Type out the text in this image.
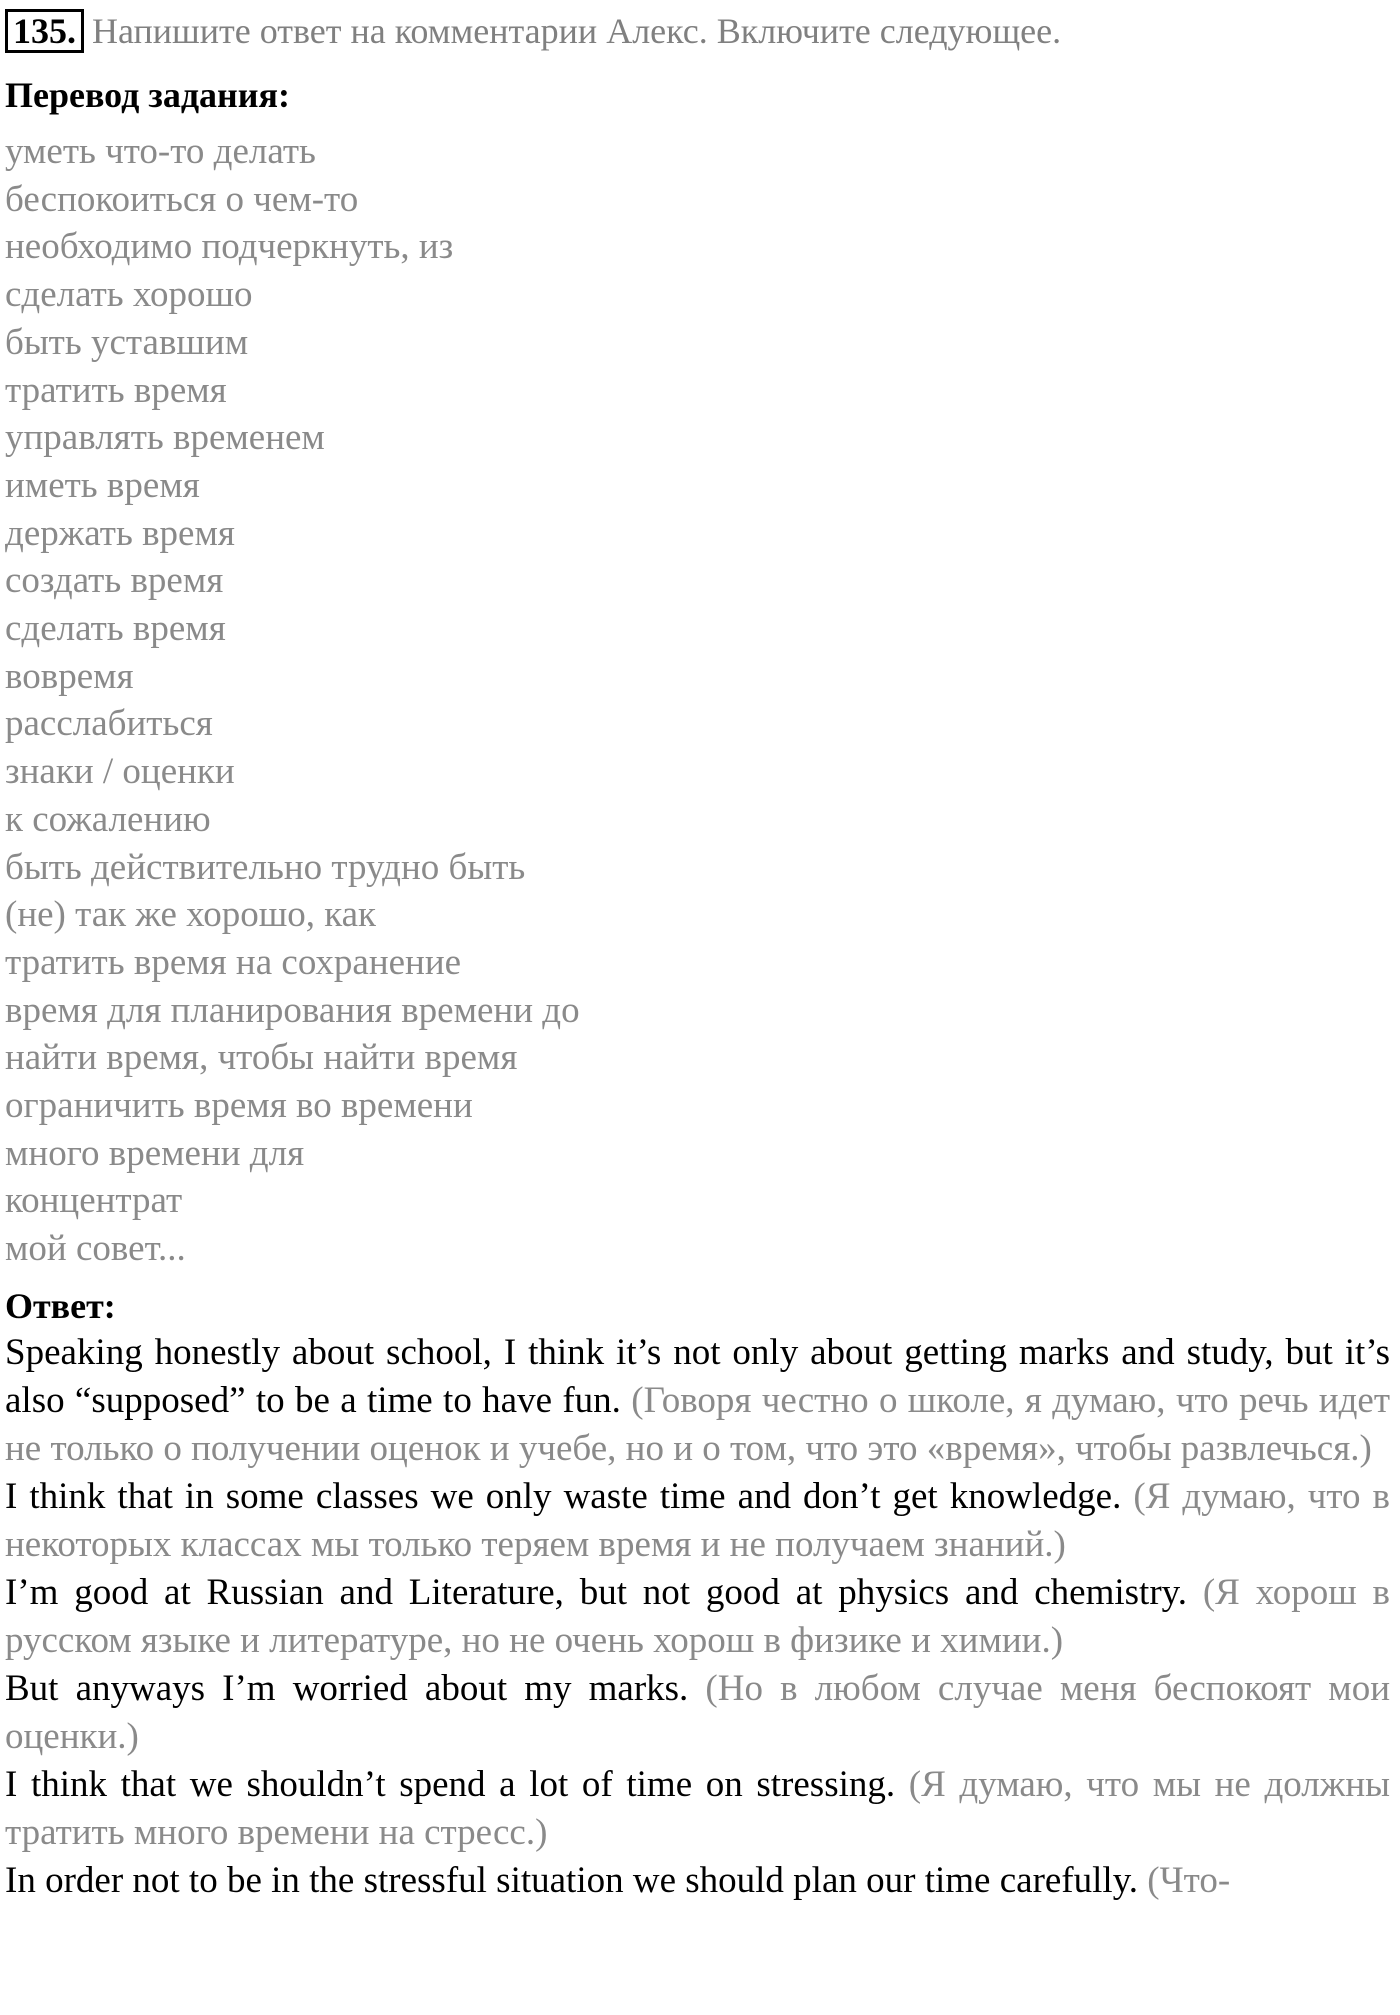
135. Напишите ответ на комментарии Алекс. Включите следующее.
Перевод задания:
уметь что-то делать
беспокоиться о чем-то
необходимо подчеркнуть, из
сделать хорошо
быть уставшим
тратить время
управлять временем
иметь время
держать время
создать время
сделать время
вовремя
расслабиться
знаки / оценки
к сожалению
быть действительно трудно быть
(не) так же хорошо, как
тратить время на сохранение
время для планирования времени до
найти время, чтобы найти время
ограничить время во времени
много времени для
концентрат
мой совет...
Ответ:

Speaking honestly about school, I think it’s not only about getting marks and study, but it’s also “supposed” to be a time to have fun. (Говоря честно о школе, я думаю, что речь идет не только о получении оценок и учебе, но и о том, что это «время», чтобы развлечься.)

I think that in some classes we only waste time and don’t get knowledge. (Я думаю, что в некоторых классах мы только теряем время и не получаем знаний.)

I’m good at Russian and Literature, but not good at physics and chemistry. (Я хорош в русском языке и литературе, но не очень хорош в физике и химии.)

But anyways I’m worried about my marks. (Но в любом случае меня беспокоят мои оценки.)

I think that we shouldn’t spend a lot of time on stressing. (Я думаю, что мы не должны тратить много времени на стресс.)

In order not to be in the stressful situation we should plan our time carefully. (Что-
